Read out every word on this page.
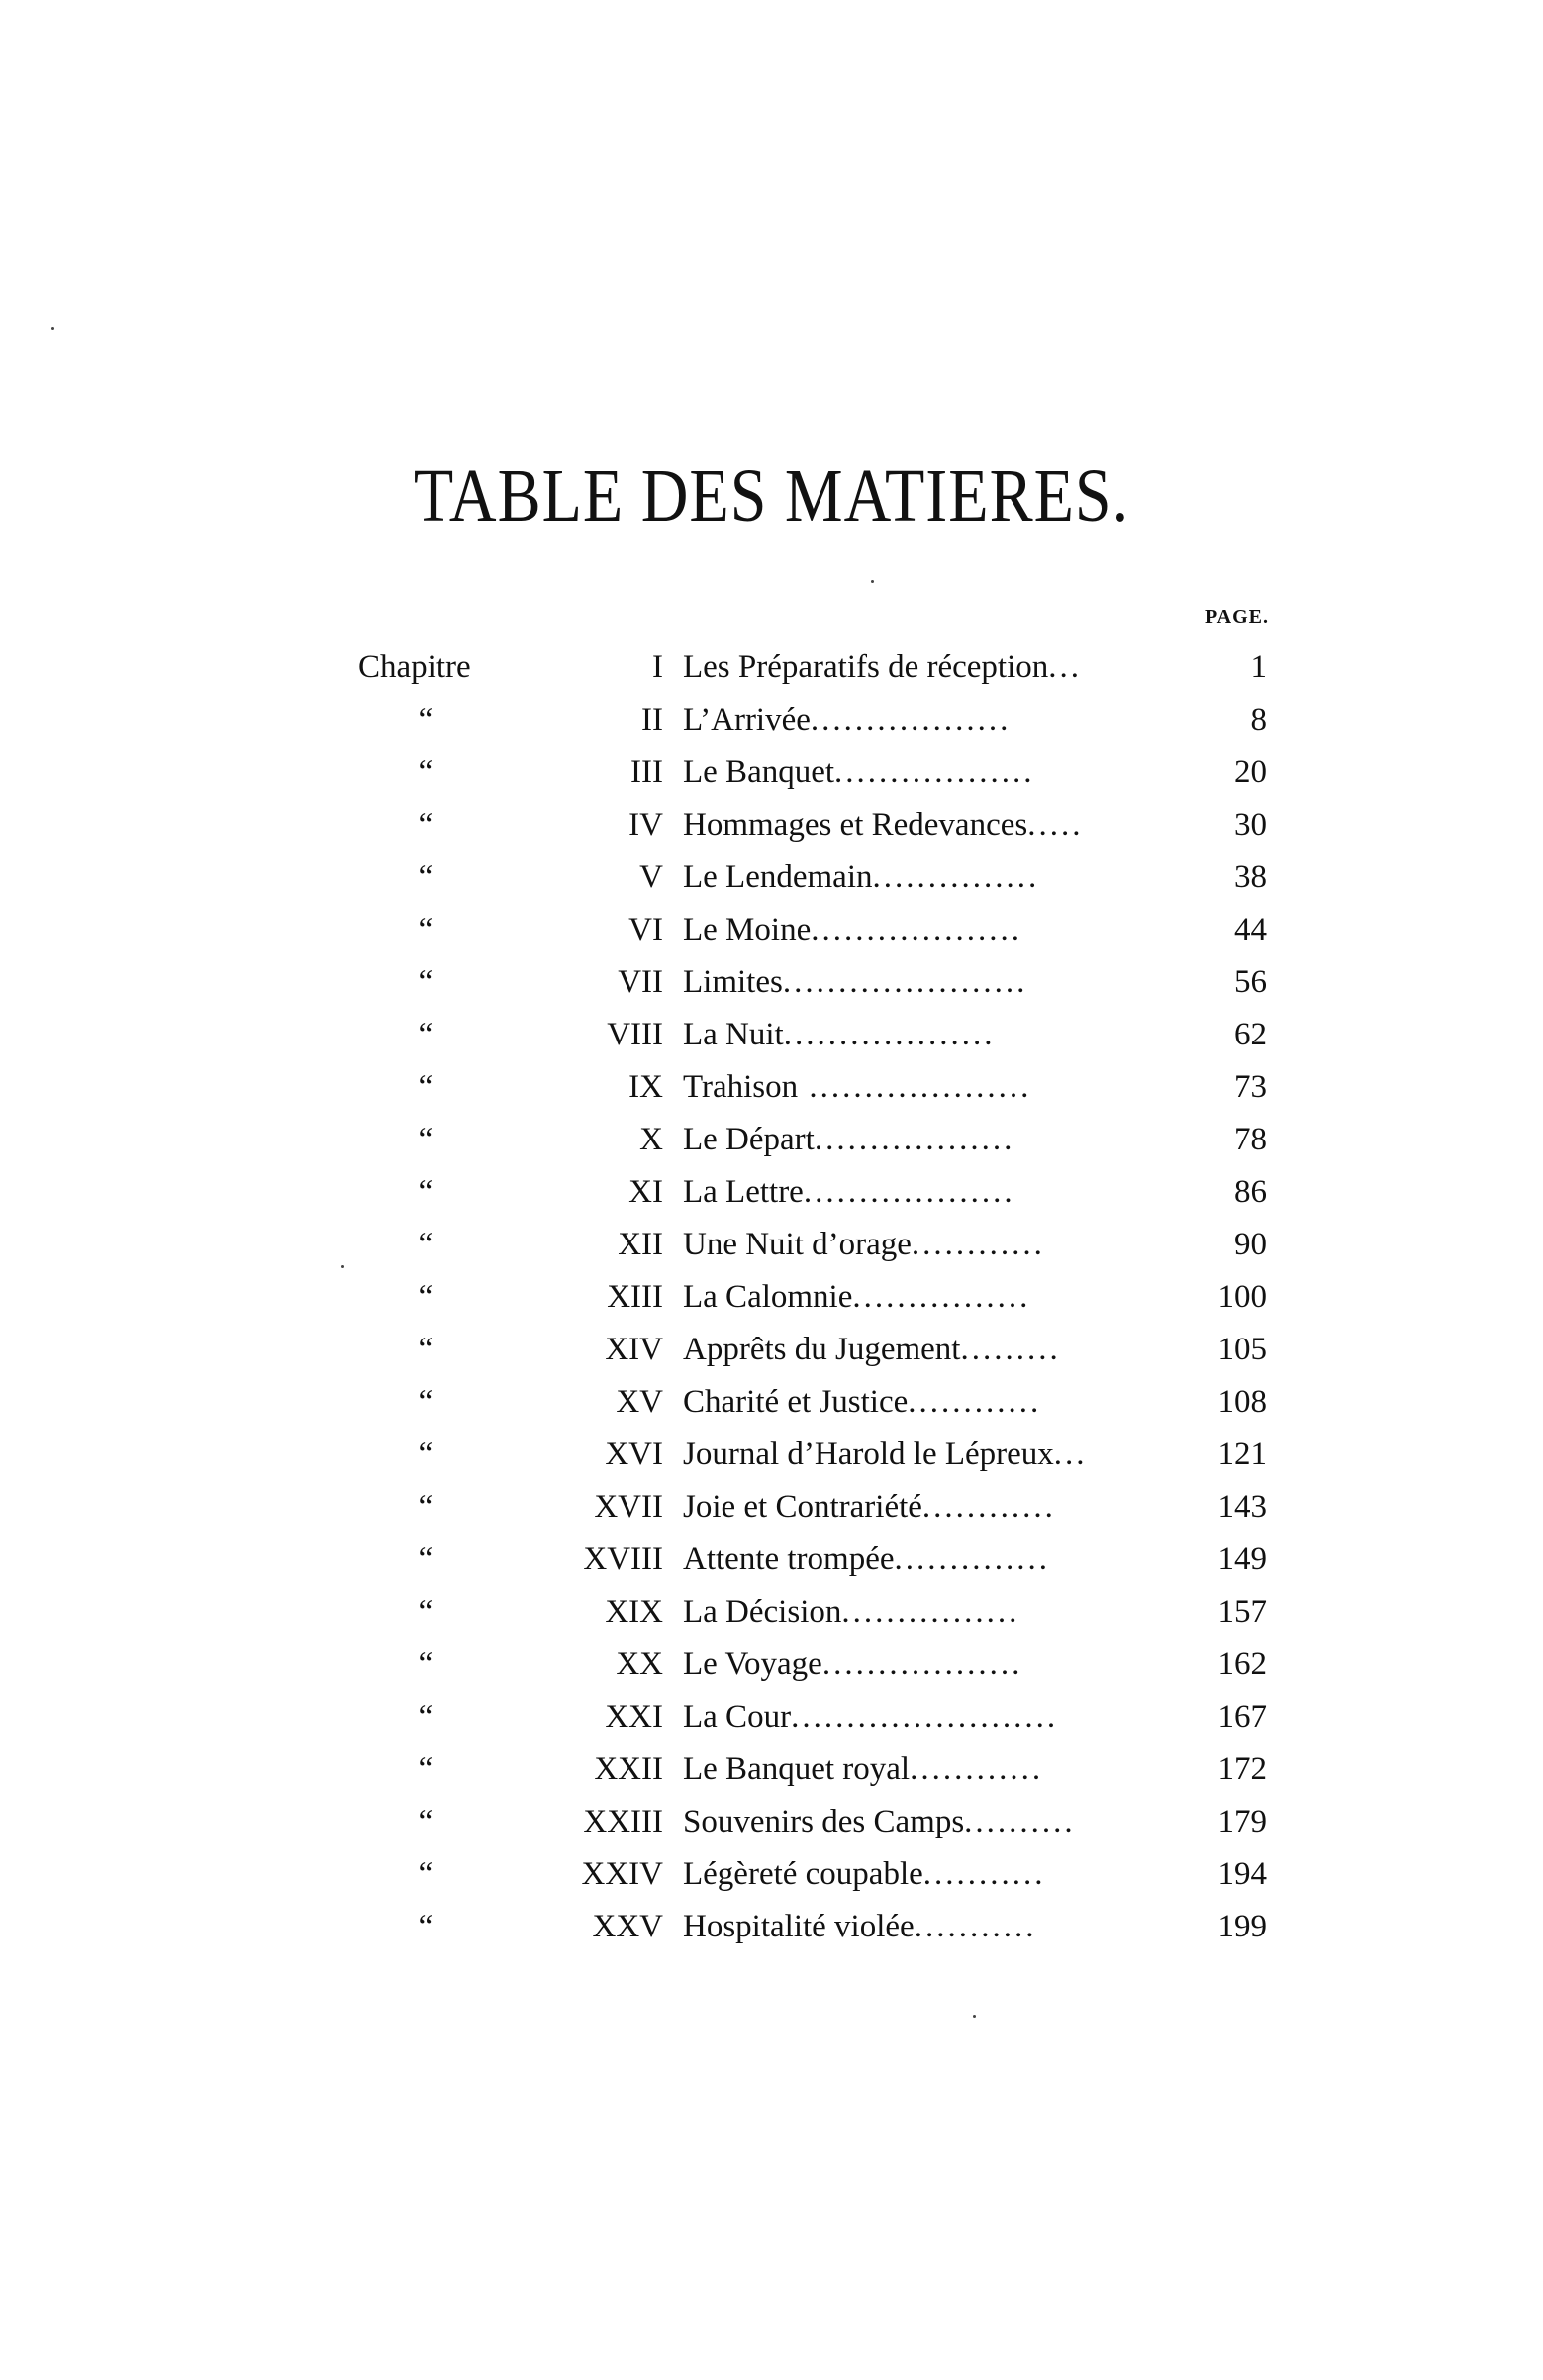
TABLE DES MATIERES.
PAGE.
Chapitre	I Les Préparatifs de réception...	1
“	II L’Arrivée..................	8
“	III Le Banquet..................	20
“	IV Hommages et Redevances.....	30
“	V Le Lendemain...............	38
“	VI Le Moine...................	44
“	VII Limites......................	56
“	VIII La Nuit...................	62
“	IX Trahison ....................	73
“	X Le Départ..................	78
“	XI La Lettre...................	86
“	XII Une Nuit d’orage............	90
“	XIII La Calomnie................	100
“	XIV Apprêts du Jugement.........	105
“	XV Charité et Justice............	108
“	XVI Journal d’Harold le Lépreux...	121
“	XVII Joie et Contrariété............	143
“	XVIII Attente trompée..............	149
“	XIX La Décision................	157
“	XX Le Voyage..................	162
“	XXI La Cour........................	167
“	XXII Le Banquet royal............	172
“	XXIII Souvenirs des Camps..........	179
“	XXIV Légèreté coupable...........	194
“	XXV Hospitalité violée...........	199
